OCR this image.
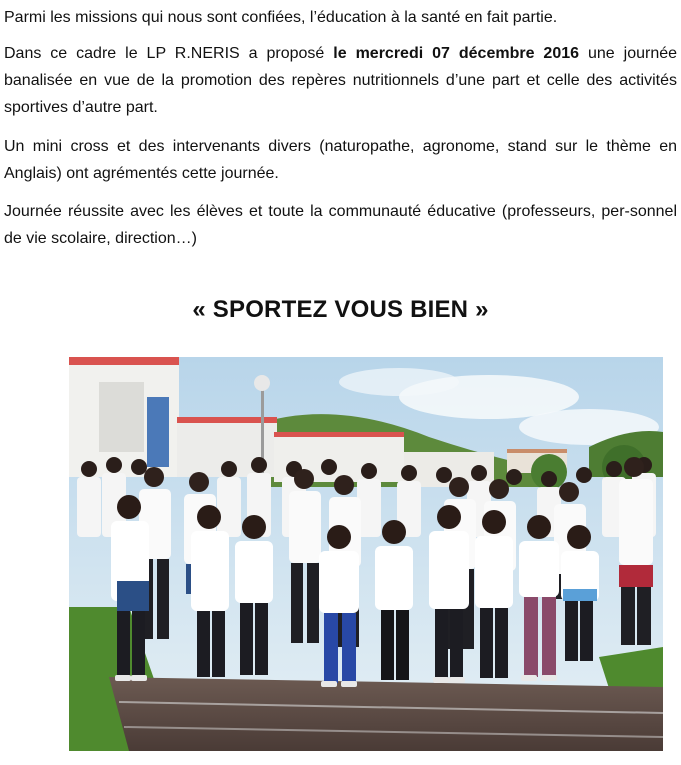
Parmi les missions qui nous sont confiées, l’éducation à la santé en fait partie.

Dans ce cadre le LP R.NERIS a proposé le mercredi 07 décembre 2016 une journée banalisée en vue de la promotion des repères nutritionnels d’une part et celle des activités sportives d’autre part.

Un mini cross et des intervenants divers (naturopathe, agronome, stand sur le thème en Anglais) ont agrémentés cette journée.

Journée réussite avec les élèves et toute la communauté éducative (professeurs, per-sonnel de vie scolaire, direction…)

« SPORTEZ VOUS BIEN »
